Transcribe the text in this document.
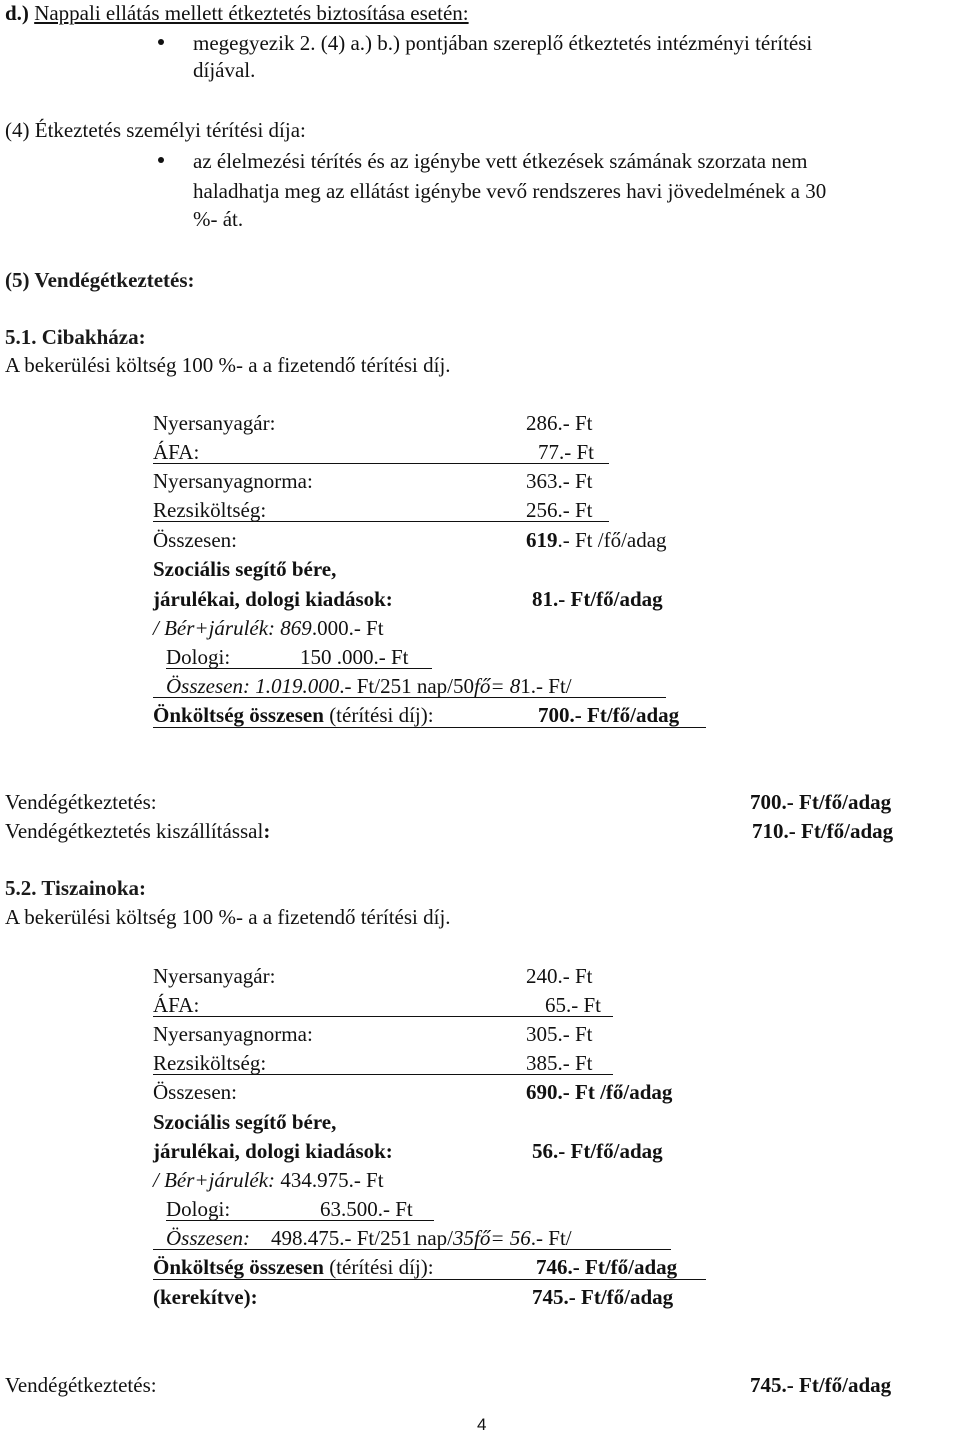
d.) Nappali ellátás mellett étkeztetés biztosítása esetén:
megegyezik 2. (4) a.) b.) pontjában szereplő étkeztetés intézményi térítési
díjával.
(4) Étkeztetés személyi térítési díja:
az élelmezési térítés és az igénybe vett étkezések számának szorzata nem
haladhatja meg az ellátást igénybe vevő rendszeres havi jövedelmének a 30
%- át.
(5) Vendégétkeztetés:
5.1. Cibakháza:
A bekerülési költség 100 %- a a fizetendő térítési díj.
Nyersanyagár:	286.- Ft
ÁFA:	77.- Ft
Nyersanyagnorma:	363.- Ft
Rezsiköltség:	256.- Ft
Összesen:	619.- Ft /fő/adag
Szociális segítő bére,
járulékai, dologi kiadások:	81.- Ft/fő/adag
/ Bér+járulék: 869.000.- Ft
Dologi:	150 .000.- Ft
Összesen: 1.019.000.- Ft/251 nap/50fő= 81.- Ft/
Önköltség összesen (térítési díj):	700.- Ft/fő/adag
Vendégétkeztetés:	700.- Ft/fő/adag
Vendégétkeztetés kiszállítással:	710.- Ft/fő/adag
5.2. Tiszainoka:
A bekerülési költség 100 %- a a fizetendő térítési díj.
Nyersanyagár:	240.- Ft
ÁFA:	65.- Ft
Nyersanyagnorma:	305.- Ft
Rezsiköltség:	385.- Ft
Összesen:	690.- Ft /fő/adag
Szociális segítő bére,
járulékai, dologi kiadások:	56.- Ft/fő/adag
/ Bér+járulék: 434.975.- Ft
Dologi:	63.500.- Ft
Összesen: 498.475.- Ft/251 nap/35fő= 56.- Ft/
Önköltség összesen (térítési díj):	746.- Ft/fő/adag
(kerekítve):	745.- Ft/fő/adag
Vendégétkeztetés:	745.- Ft/fő/adag
4
